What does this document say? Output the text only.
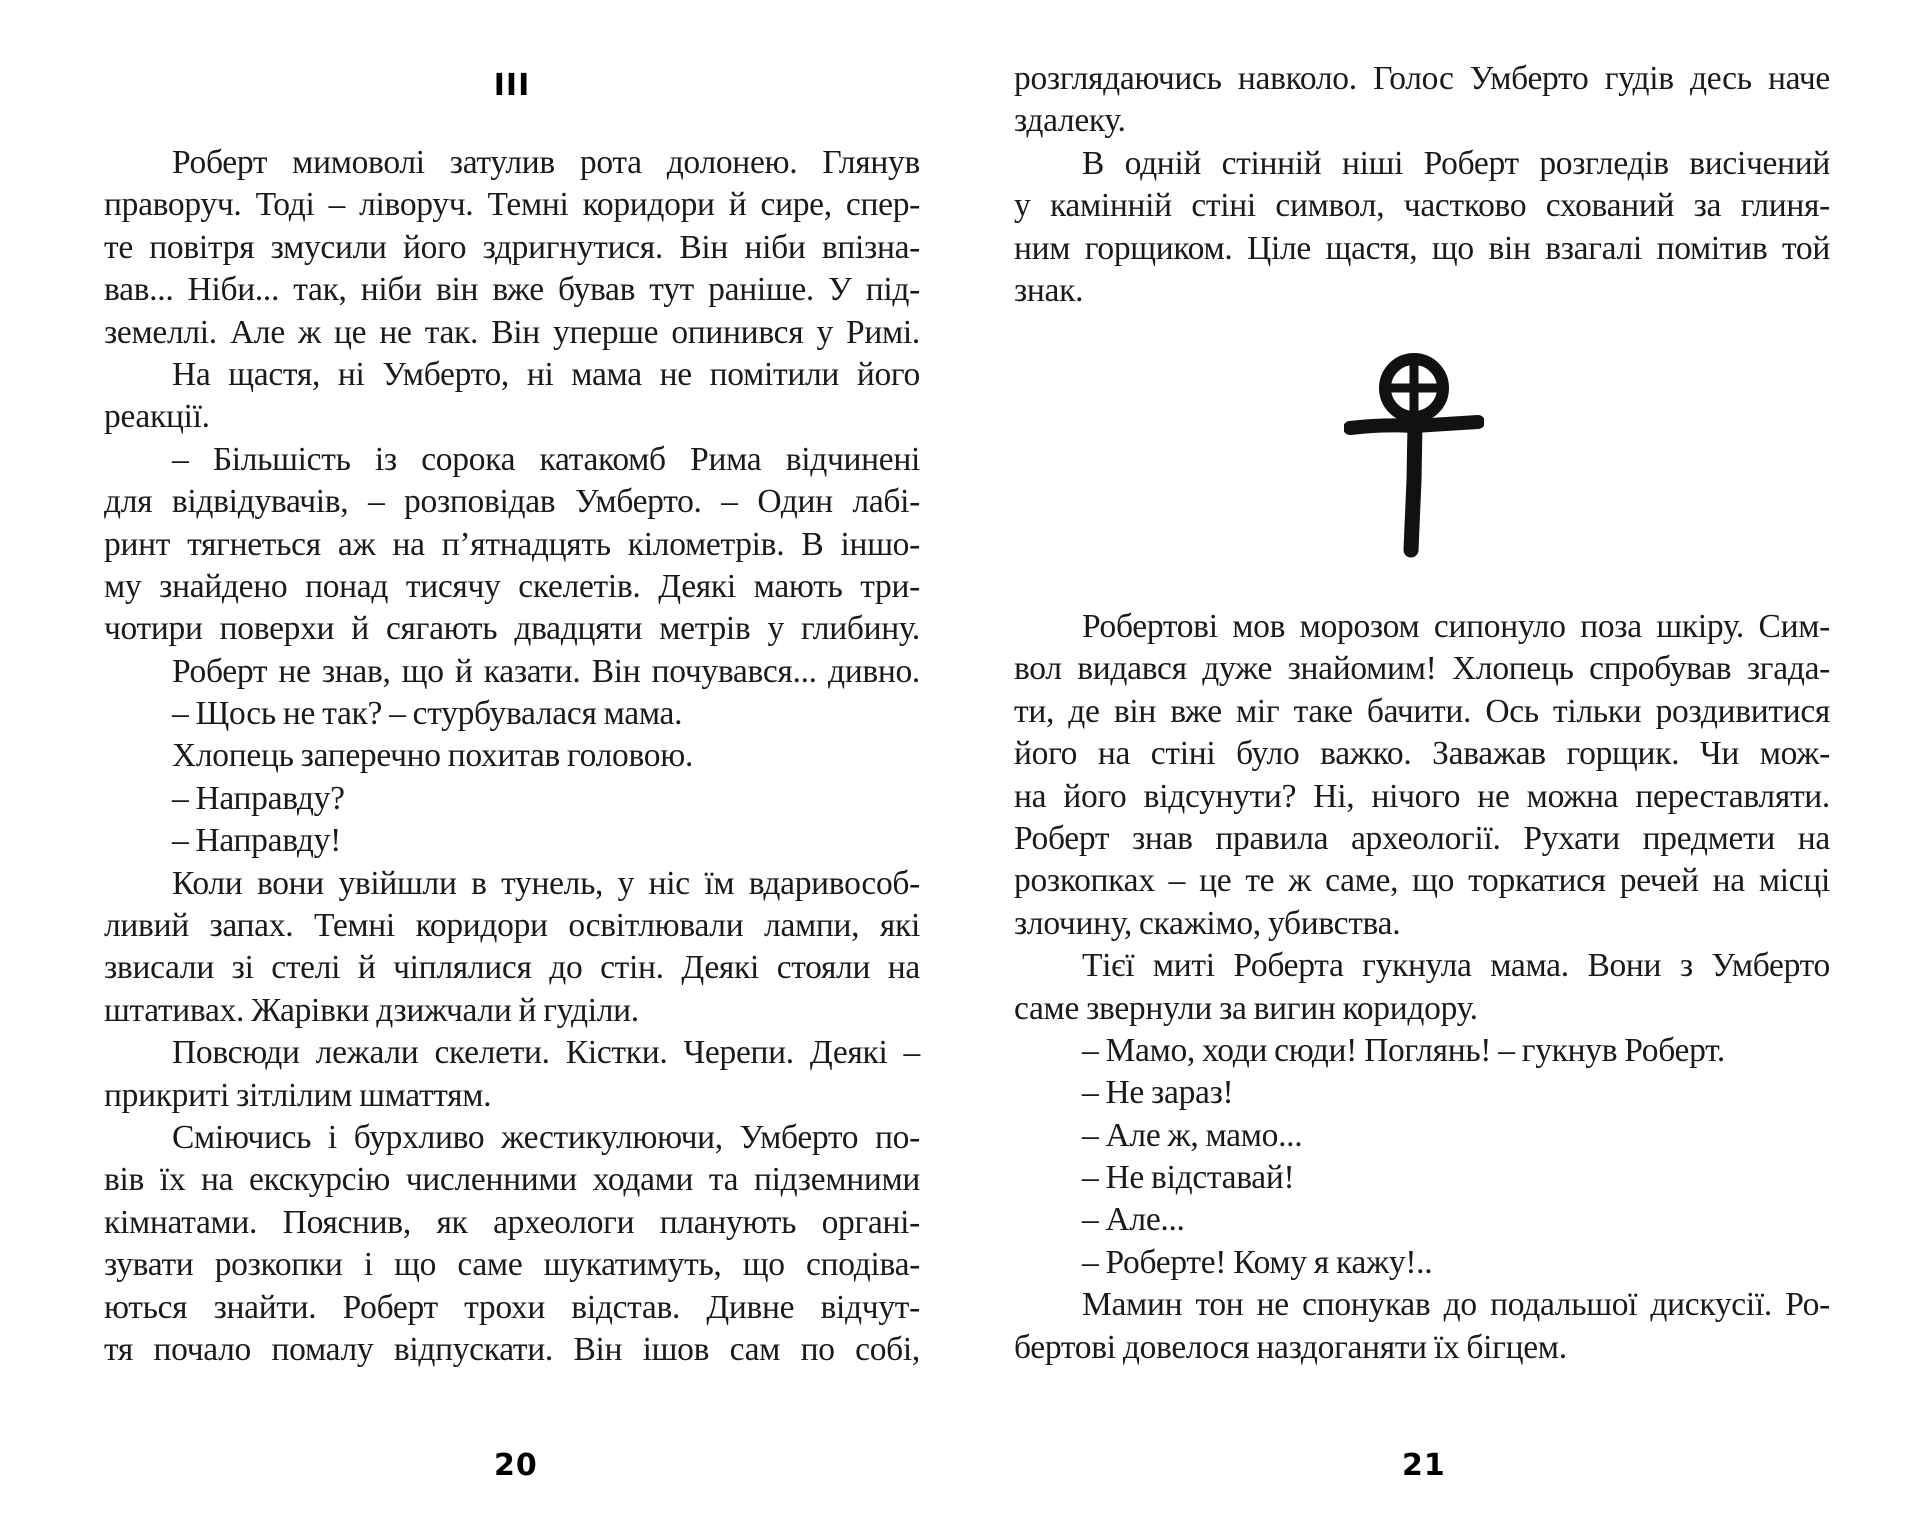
III
Роберт мимоволі затулив рота долонею. Глянув
праворуч. Тоді – ліворуч. Темні коридори й сире, спер-
те повітря змусили його здригнутися. Він ніби впізна-
вав... Ніби... так, ніби він вже бував тут раніше. У під-
земеллі. Але ж це не так. Він уперше опинився у Римі.
На щастя, ні Умберто, ні мама не помітили його
реакції.
– Більшість із сорока катакомб Рима відчинені
для відвідувачів, – розповідав Умберто. – Один лабі-
ринт тягнеться аж на п’ятнадцять кілометрів. В іншо-
му знайдено понад тисячу скелетів. Деякі мають три-
чотири поверхи й сягають двадцяти метрів у глибину.
Роберт не знав, що й казати. Він почувався... дивно.
– Щось не так? – стурбувалася мама.
Хлопець заперечно похитав головою.
– Направду?
– Направду!
Коли вони увійшли в тунель, у ніс їм вдаривособ-
ливий запах. Темні коридори освітлювали лампи, які
звисали зі стелі й чіплялися до стін. Деякі стояли на
штативах. Жарівки дзижчали й гуділи.
Повсюди лежали скелети. Кістки. Черепи. Деякі –
прикриті зітлілим шматтям.
Сміючись і бурхливо жестикулюючи, Умберто по-
вів їх на екскурсію численними ходами та підземними
кімнатами. Пояснив, як археологи планують органі-
зувати розкопки і що саме шукатимуть, що сподіва-
ються знайти. Роберт трохи відстав. Дивне відчут-
тя почало помалу відпускати. Він ішов сам по собі,
20
розглядаючись навколо. Голос Умберто гудів десь наче
здалеку.
В одній стінній ніші Роберт розгледів висічений
у камінній стіні символ, частково схований за глиня-
ним горщиком. Ціле щастя, що він взагалі помітив той
знак.
Робертові мов морозом сипонуло поза шкіру. Сим-
вол видався дуже знайомим! Хлопець спробував згада-
ти, де він вже міг таке бачити. Ось тільки роздивитися
його на стіні було важко. Заважав горщик. Чи мож-
на його відсунути? Ні, нічого не можна переставляти.
Роберт знав правила археології. Рухати предмети на
розкопках – це те ж саме, що торкатися речей на місці
злочину, скажімо, убивства.
Тієї миті Роберта гукнула мама. Вони з Умберто
саме звернули за вигин коридору.
– Мамо, ходи сюди! Поглянь! – гукнув Роберт.
– Не зараз!
– Але ж, мамо...
– Не відставай!
– Але...
– Роберте! Кому я кажу!..
Мамин тон не спонукав до подальшої дискусії. Ро-
бертові довелося наздоганяти їх бігцем.
21
